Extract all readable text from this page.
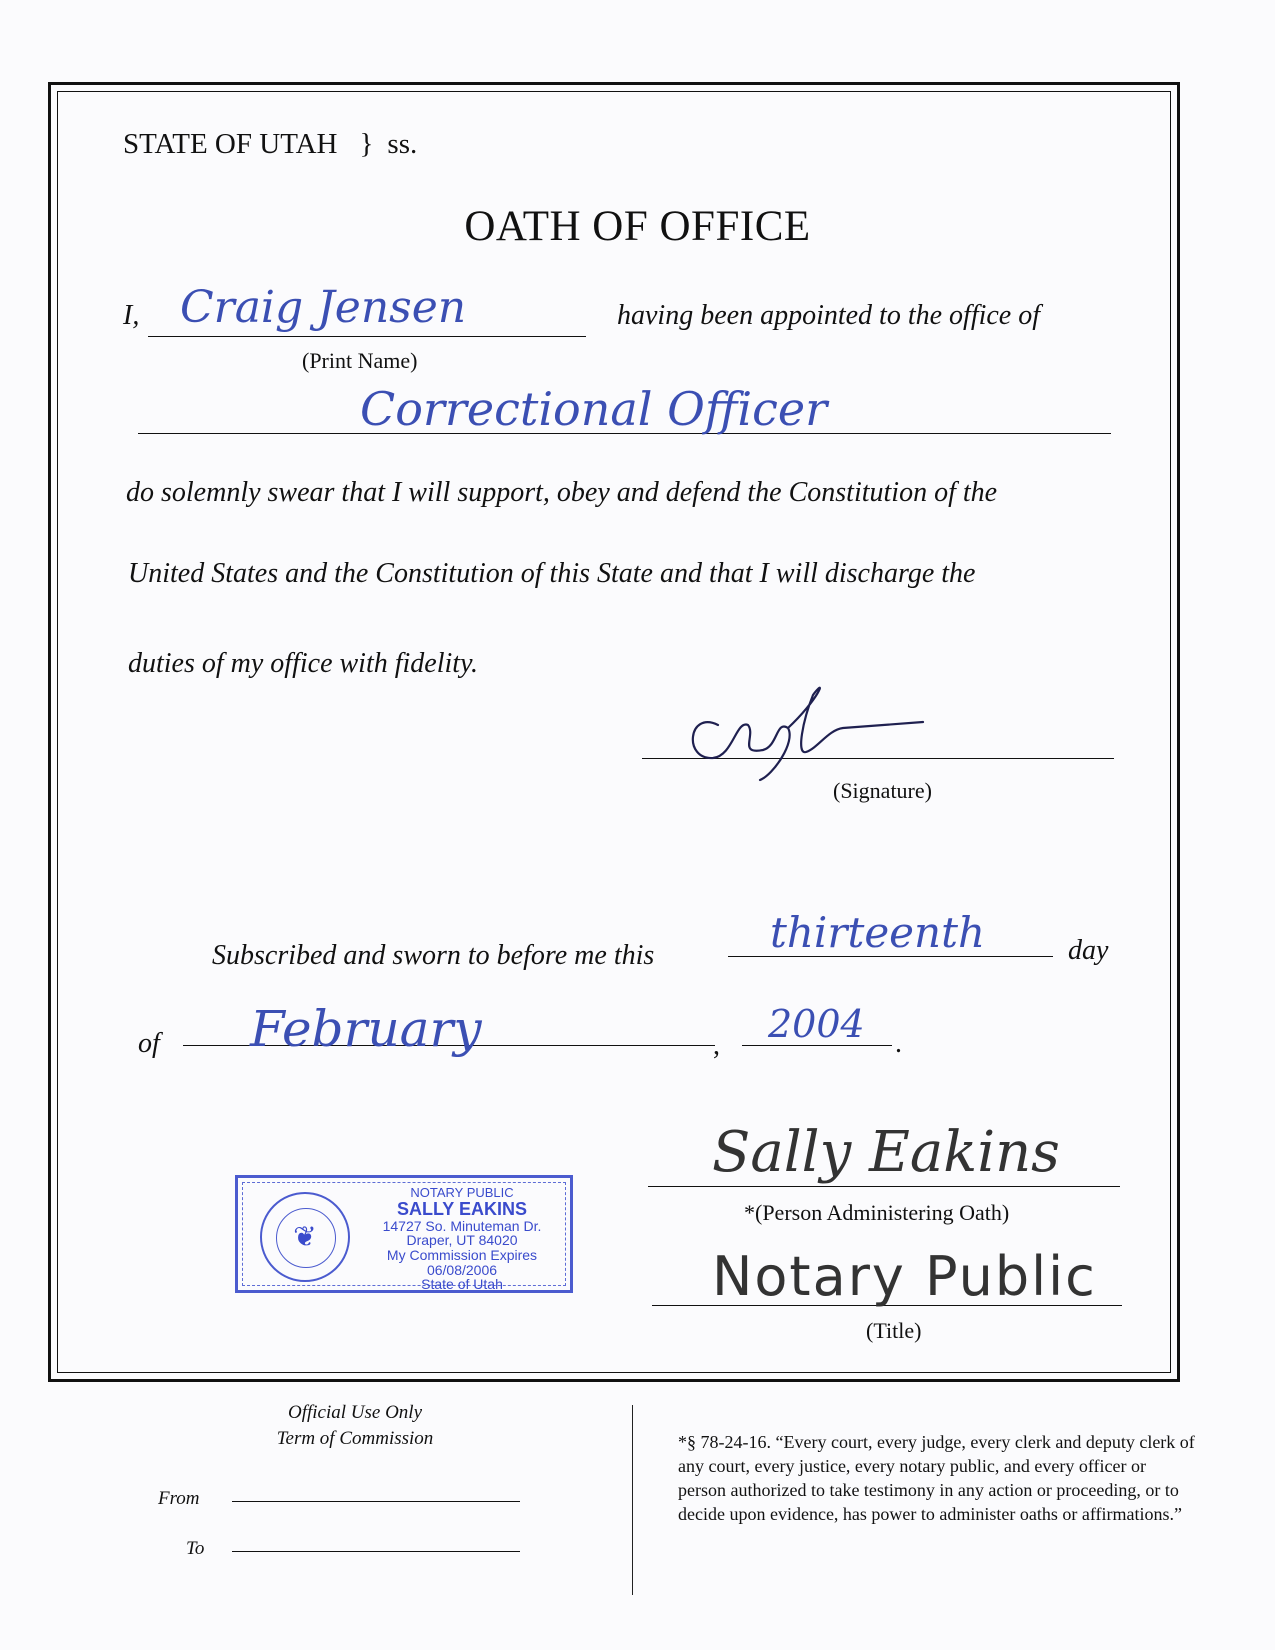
STATE OF UTAH } ss.
OATH OF OFFICE
I, Craig Jensen	having been appointed to the office of
(Print Name)
Correctional Officer
do solemnly swear that I will support, obey and defend the Constitution of the
United States and the Constitution of this State and that I will discharge the
duties of my office with fidelity.
(Signature)
Subscribed and sworn to before me this	thirteenth	day
of February	, 2004 .
Sally Eakins
*(Person Administering Oath)
Notary Public
(Title)
❦
NOTARY PUBLIC
SALLY EAKINS
14727 So. Minuteman Dr.
Draper, UT 84020
My Commission Expires 06/08/2006
State of Utah
Official Use Only
Term of Commission
From
To
*§ 78-24-16. “Every court, every judge, every clerk and deputy clerk of any court, every justice, every notary public, and every officer or person authorized to take testimony in any action or proceeding, or to decide upon evidence, has power to administer oaths or affirmations.”
